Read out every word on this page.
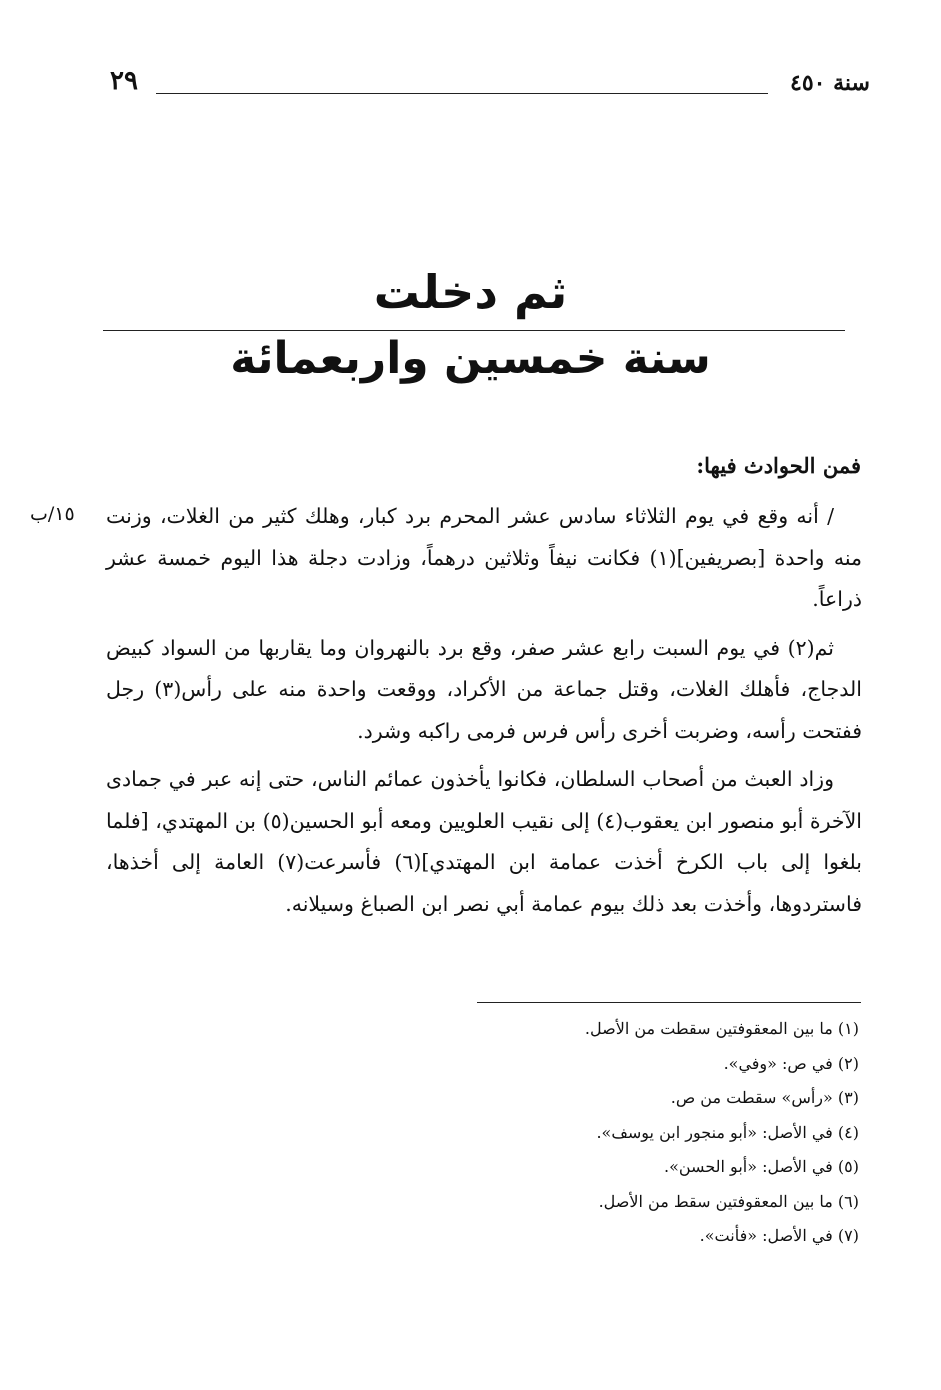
سنة ٤٥٠
٢٩
ثم دخلت
سنة خمسين واربعمائة
فمن الحوادث فيها:
١٥/ب / أنه وقع في يوم الثلاثاء سادس عشر المحرم برد كبار، وهلك كثير من الغلات، وزنت منه واحدة [بصريفين](١) فكانت نيفاً وثلاثين درهماً، وزادت دجلة هذا اليوم خمسة عشر ذراعاً.

ثم(٢) في يوم السبت رابع عشر صفر، وقع برد بالنهروان وما يقاربها من السواد كبيض الدجاج، فأهلك الغلات، وقتل جماعة من الأكراد، ووقعت واحدة منه على رأس(٣) رجل ففتحت رأسه، وضربت أخرى رأس فرس فرمى راكبه وشرد.

وزاد العبث من أصحاب السلطان، فكانوا يأخذون عمائم الناس، حتى إنه عبر في جمادى الآخرة أبو منصور ابن يعقوب(٤) إلى نقيب العلويين ومعه أبو الحسين(٥) بن المهتدي، [فلما بلغوا إلى باب الكرخ أخذت عمامة ابن المهتدي](٦) فأسرعت(٧) العامة إلى أخذها، فاستردوها، وأخذت بعد ذلك بيوم عمامة أبي نصر ابن الصباغ وسيلانه.

(١) ما بين المعقوفتين سقطت من الأصل.
(٢) في ص: «وفي».
(٣) «رأس» سقطت من ص.
(٤) في الأصل: «أبو منجور ابن يوسف».
(٥) في الأصل: «أبو الحسن».
(٦) ما بين المعقوفتين سقط من الأصل.
(٧) في الأصل: «فأنت».
